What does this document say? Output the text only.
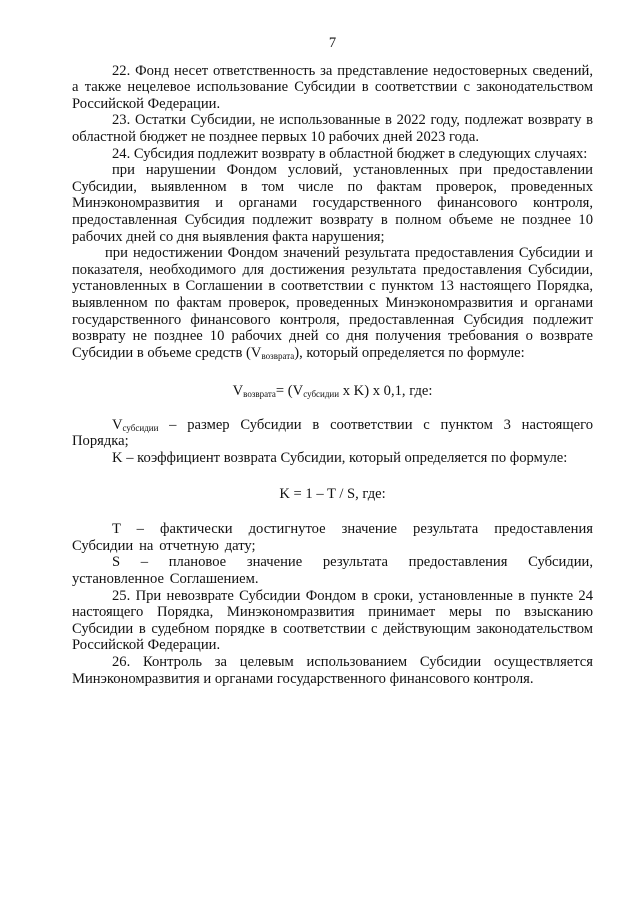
7

22. Фонд несет ответственность за представление недостоверных сведений, а также нецелевое использование Субсидии в соответствии с законодательством Российской Федерации.

23. Остатки Субсидии, не использованные в 2022 году, подлежат возврату в областной бюджет не позднее первых 10 рабочих дней 2023 года.

24. Субсидия подлежит возврату в областной бюджет в следующих случаях:

при нарушении Фондом условий, установленных при предоставлении Субсидии, выявленном в том числе по фактам проверок, проведенных Минэкономразвития и органами государственного финансового контроля, предоставленная Субсидия подлежит возврату в полном объеме не позднее 10 рабочих дней со дня выявления факта нарушения;

при недостижении Фондом значений результата предоставления Субсидии и показателя, необходимого для достижения результата предоставления Субсидии, установленных в Соглашении в соответствии с пунктом 13 настоящего Порядка, выявленном по фактам проверок, проведенных Минэкономразвития и органами государственного финансового контроля, предоставленная Субсидия подлежит возврату не позднее 10 рабочих дней со дня получения требования о возврате Субсидии в объеме средств $(V_{возврата})$, который определяется по формуле:

$V_{возврата}= (V_{субсидии}$ x K) x 0,1, где:

$V_{субсидии}$ – размер Субсидии в соответствии с пунктом 3 настоящего Порядка;

K – коэффициент возврата Субсидии, который определяется по формуле:

K = 1 – T / S, где:

T – фактически достигнутое значение результата предоставления Субсидии на отчетную дату;

S – плановое значение результата предоставления Субсидии, установленное Соглашением.

25. При невозврате Субсидии Фондом в сроки, установленные в пункте 24 настоящего Порядка, Минэкономразвития принимает меры по взысканию Субсидии в судебном порядке в соответствии с действующим законодательством Российской Федерации.

26. Контроль за целевым использованием Субсидии осуществляется Минэкономразвития и органами государственного финансового контроля.
